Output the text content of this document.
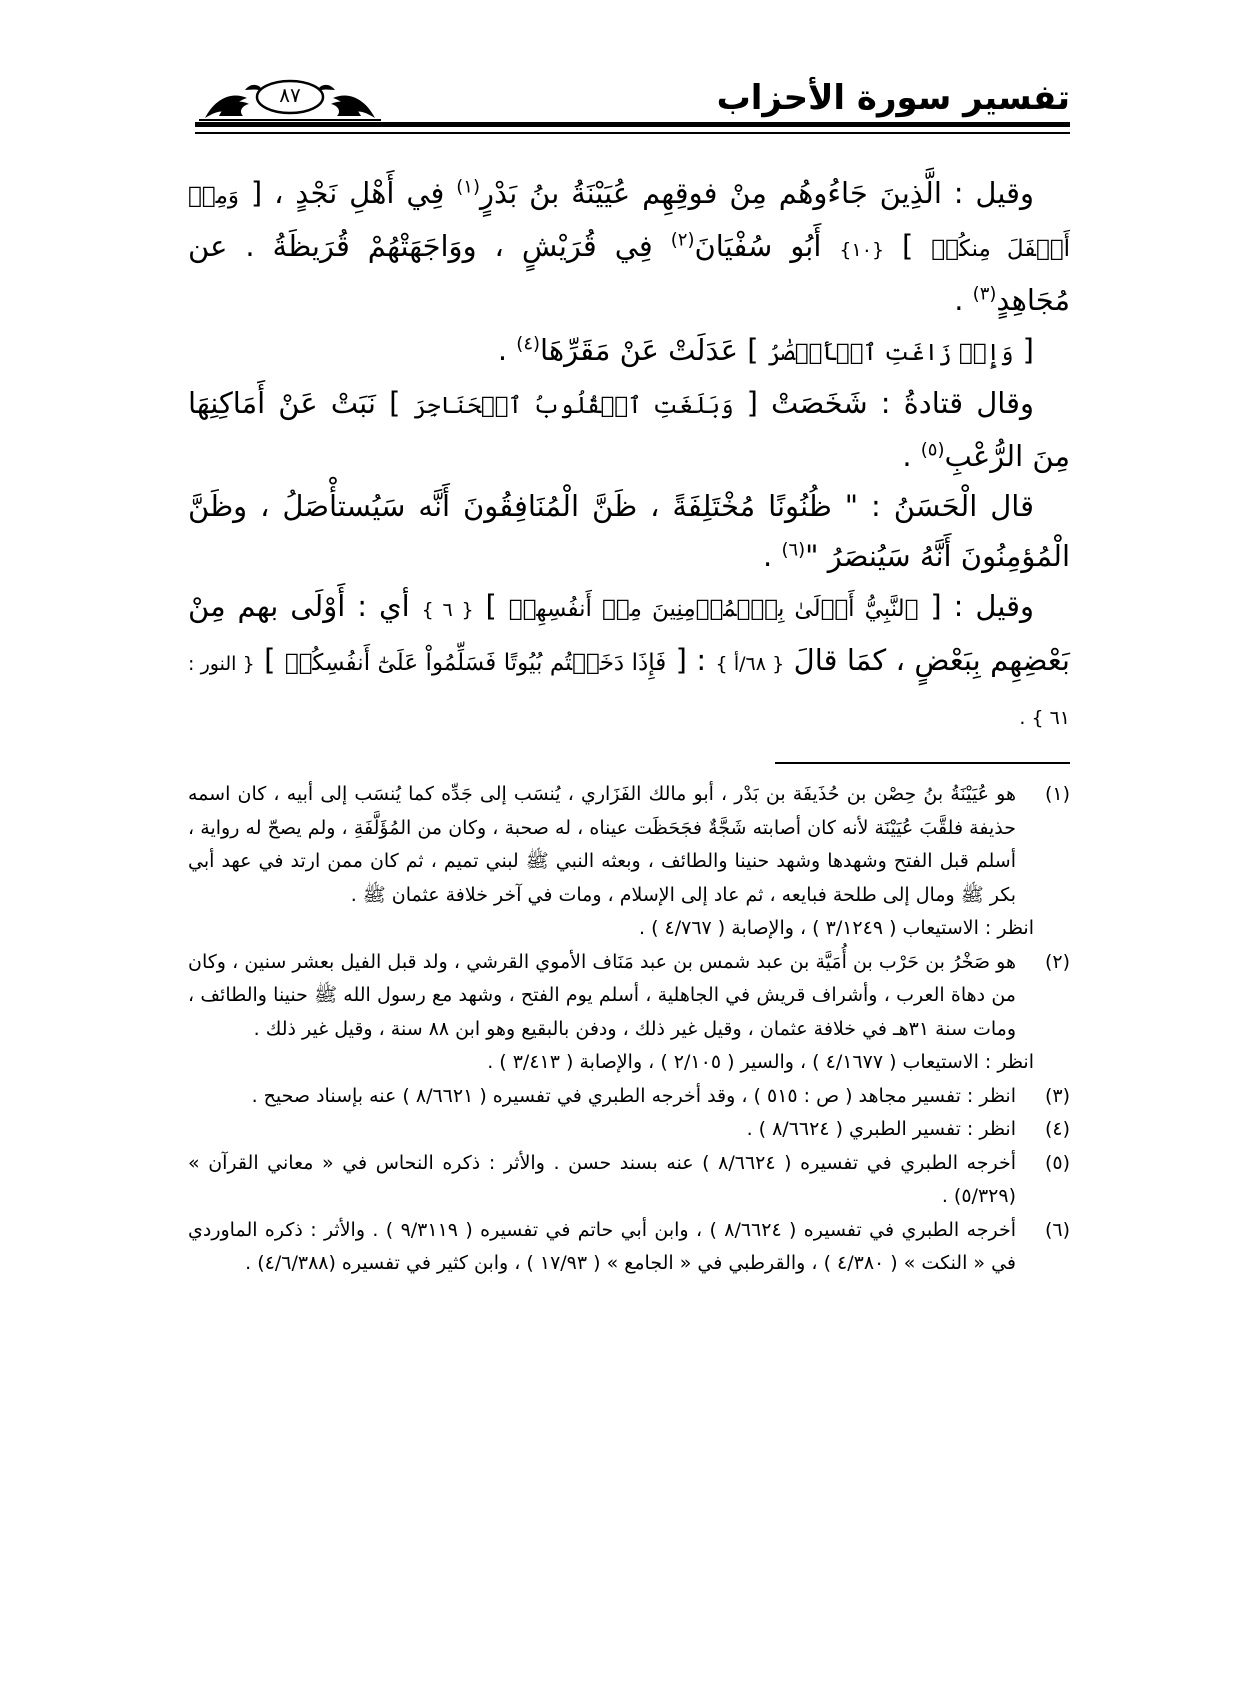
تفسير سورة الأحزاب
٨٧

وقيل : الَّذِينَ جَاءُوهُم مِنْ فوقِهِم عُيَيْنَةُ بنُ بَدْرٍ$^{(١)}$ فِي أَهْلِ نَجْدٍ ، [ وَمِنۡ أَسۡفَلَ مِنكُمۡ ] {١٠} أَبُو سُفْيَانَ$^{(٢)}$ فِي قُرَيْشٍ ، ووَاجَهَتْهُمْ قُرَيظَةُ . عن مُجَاهِدٍ$^{(٣)}$ .

[ وَإِذۡ زَاغَتِ ٱلۡأَبۡصَٰرُ ] عَدَلَتْ عَنْ مَقَرِّهَا$^{(٤)}$ .

وقال قتادةُ : شَخَصَتْ [ وَبَلَغَتِ ٱلۡقُلُوبُ ٱلۡحَنَاجِرَ ] نَبَتْ عَنْ أَمَاكِنِهَا مِنَ الرُّعْبِ$^{(٥)}$ .

قال الْحَسَنُ : " ظُنُونًا مُخْتَلِفَةً ، ظَنَّ الْمُنَافِقُونَ أَنَّه سَيُستأْصَلُ ، وظَنَّ الْمُؤمِنُونَ أَنَّهُ سَيُنصَرُ "$^{(٦)}$ .

وقيل : [ ٱلنَّبِيُّ أَوۡلَىٰ بِٱلۡمُؤۡمِنِينَ مِنۡ أَنفُسِهِمۡ ] { ٦ } أي : أَوْلَى بهم مِنْ بَعْضِهِم بِبَعْضٍ ، كمَا قالَ { ٦٨/أ } : [ فَإِذَا دَخَلۡتُم بُيُوتًا فَسَلِّمُواْ عَلَىٰٓ أَنفُسِكُمۡ ] { النور : ٦١ } .

(١)
هو عُيَيْنَةُ بنُ حِصْن بن حُذَيفَة بن بَدْر ، أبو مالك الفَزَاري ، يُنسَب إلى جَدِّه كما يُنسَب إلى أبيه ، كان اسمه حذيفة فلقَّبَ عُيَيْنَة لأنه كان أصابته شَجَّةٌ فجَحَظَت عيناه ، له صحبة ، وكان من المُؤَلَّفَةِ ، ولم يصحّ له رواية ، أسلم قبل الفتح وشهدها وشهد حنينا والطائف ، وبعثه النبي ﷺ لبني تميم ، ثم كان ممن ارتد في عهد أبي بكر ﷺ ومال إلى طلحة فبايعه ، ثم عاد إلى الإسلام ، ومات في آخر خلافة عثمان ﷺ .
انظر : الاستيعاب ( ٣/١٢٤٩ ) ، والإصابة ( ٤/٧٦٧ ) .
(٢)
هو صَخْرُ بن حَرْب بن أُمَيَّة بن عبد شمس بن عبد مَنَاف الأموي القرشي ، ولد قبل الفيل بعشر سنين ، وكان من دهاة العرب ، وأشراف قريش في الجاهلية ، أسلم يوم الفتح ، وشهد مع رسول الله ﷺ حنينا والطائف ، ومات سنة ٣١هـ في خلافة عثمان ، وقيل غير ذلك ، ودفن بالبقيع وهو ابن ٨٨ سنة ، وقيل غير ذلك .
انظر : الاستيعاب ( ٤/١٦٧٧ ) ، والسير ( ٢/١٠٥ ) ، والإصابة ( ٣/٤١٣ ) .
(٣)
انظر : تفسير مجاهد ( ص : ٥١٥ ) ، وقد أخرجه الطبري في تفسيره ( ٨/٦٦٢١ ) عنه بإسناد صحيح .
(٤)
انظر : تفسير الطبري ( ٨/٦٦٢٤ ) .
(٥)
أخرجه الطبري في تفسيره ( ٨/٦٦٢٤ ) عنه بسند حسن . والأثر : ذكره النحاس في « معاني القرآن » (٥/٣٢٩) .
(٦)
أخرجه الطبري في تفسيره ( ٨/٦٦٢٤ ) ، وابن أبي حاتم في تفسيره ( ٩/٣١١٩ ) . والأثر : ذكره الماوردي في « النكت » ( ٤/٣٨٠ ) ، والقرطبي في « الجامع » ( ١٧/٩٣ ) ، وابن كثير في تفسيره (٤/٦/٣٨٨) .
